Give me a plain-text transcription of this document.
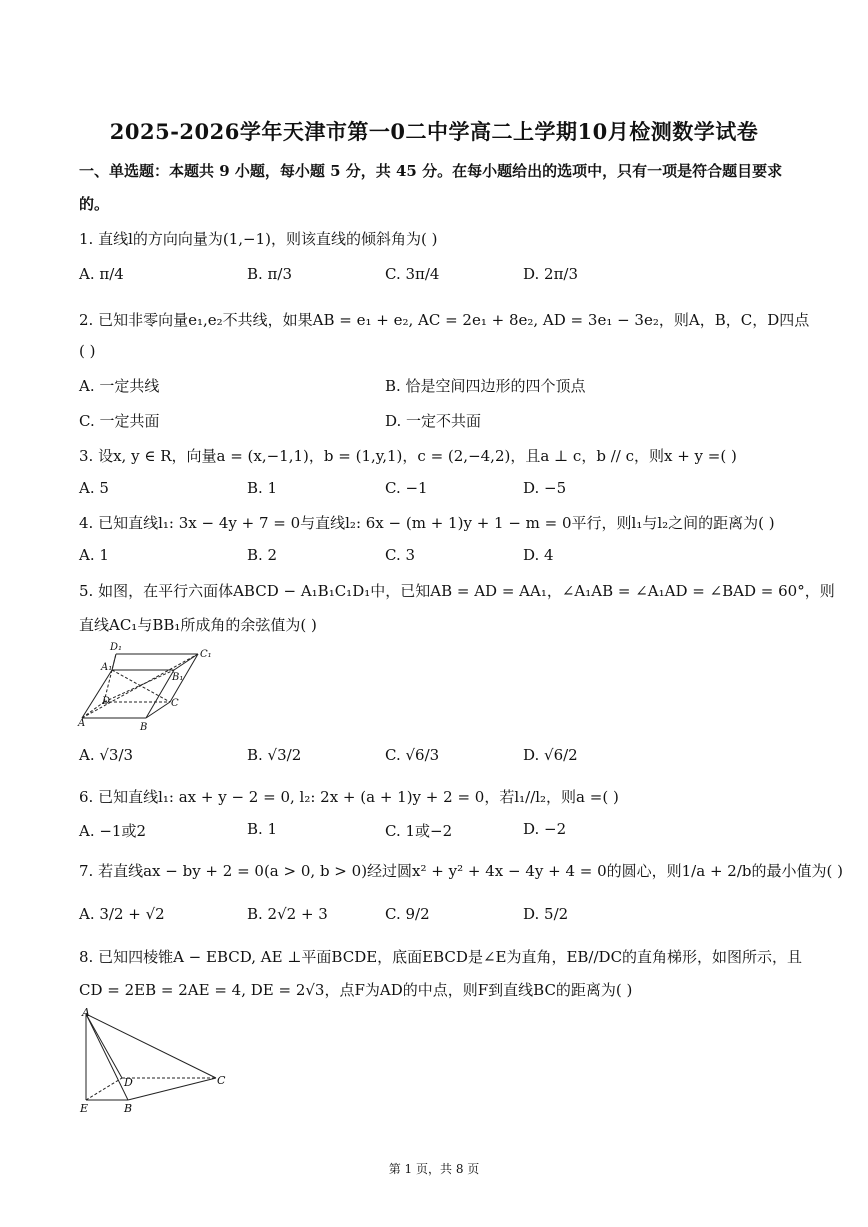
2025-2026学年天津市第一0二中学高二上学期10月检测数学试卷
一、单选题：本题共 9 小题，每小题 5 分，共 45 分。在每小题给出的选项中，只有一项是符合题目要求
的。
1. 直线l的方向向量为(1,−1)，则该直线的倾斜角为( )
A. π/4	B. π/3	C. 3π/4	D. 2π/3
2. 已知非零向量e₁,e₂不共线，如果AB = e₁ + e₂, AC = 2e₁ + 8e₂, AD = 3e₁ − 3e₂，则A，B，C，D四点
( )
A. 一定共线	B. 恰是空间四边形的四个顶点
C. 一定共面	D. 一定不共面
3. 设x, y ∈ R，向量a = (x,−1,1)，b = (1,y,1)，c = (2,−4,2)，且a ⊥ c，b // c，则x + y =( )
A. 5	B. 1	C. −1	D. −5
4. 已知直线l₁: 3x − 4y + 7 = 0与直线l₂: 6x − (m + 1)y + 1 − m = 0平行，则l₁与l₂之间的距离为( )
A. 1	B. 2	C. 3	D. 4
5. 如图，在平行六面体ABCD − A₁B₁C₁D₁中，已知AB = AD = AA₁，∠A₁AB = ∠A₁AD = ∠BAD = 60°，则
直线AC₁与BB₁所成角的余弦值为( )
D₁
C₁
A₁
B₁
D	C
A	B
A. √3/3	B. √3/2	C. √6/3	D. √6/2
6. 已知直线l₁: ax + y − 2 = 0, l₂: 2x + (a + 1)y + 2 = 0，若l₁//l₂，则a =( )
A. −1或2	B. 1	C. 1或−2	D. −2
7. 若直线ax − by + 2 = 0(a > 0, b > 0)经过圆x² + y² + 4x − 4y + 4 = 0的圆心，则1/a + 2/b的最小值为( )
A. 3/2 + √2	B. 2√2 + 3	C. 9/2	D. 5/2
8. 已知四棱锥A − EBCD, AE ⊥平面BCDE，底面EBCD是∠E为直角，EB//DC的直角梯形，如图所示，且
CD = 2EB = 2AE = 4, DE = 2√3，点F为AD的中点，则F到直线BC的距离为( )
A
D	C
E	B
第 1 页，共 8 页
